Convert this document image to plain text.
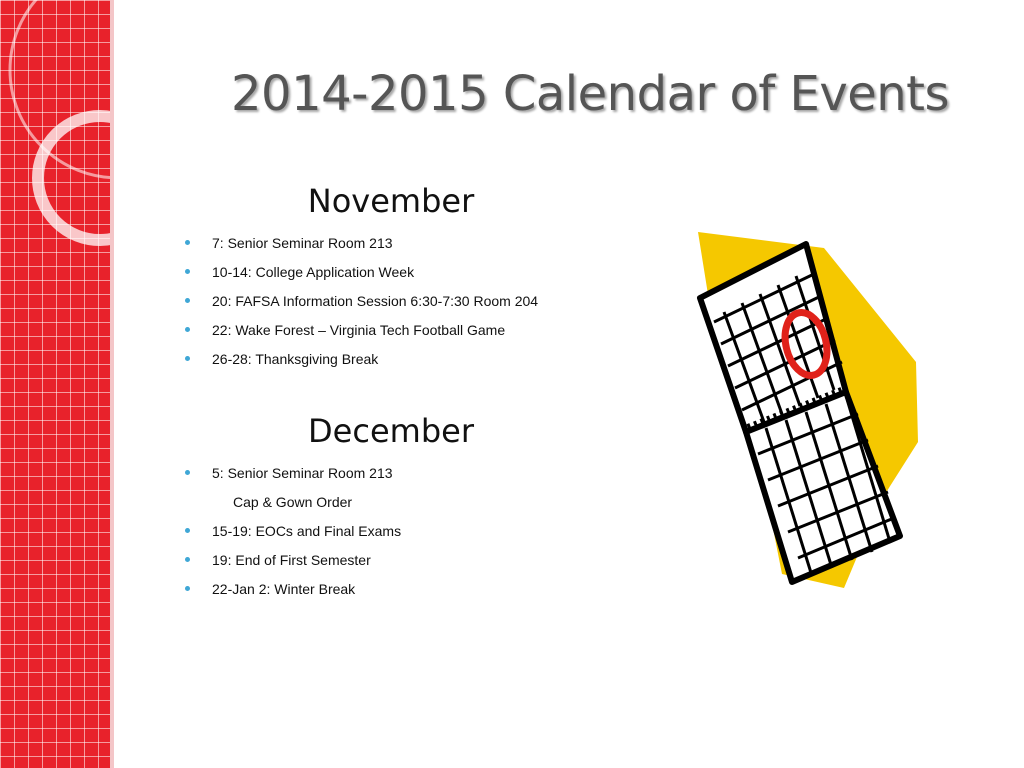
2014-2015 Calendar of Events
November
7: Senior Seminar Room 213
10-14: College Application Week
20: FAFSA Information Session 6:30-7:30 Room 204
22: Wake Forest – Virginia Tech Football Game
26-28: Thanksgiving Break
December
5: Senior Seminar Room 213
Cap & Gown Order
15-19: EOCs and Final Exams
19: End of First Semester
22-Jan 2: Winter Break
